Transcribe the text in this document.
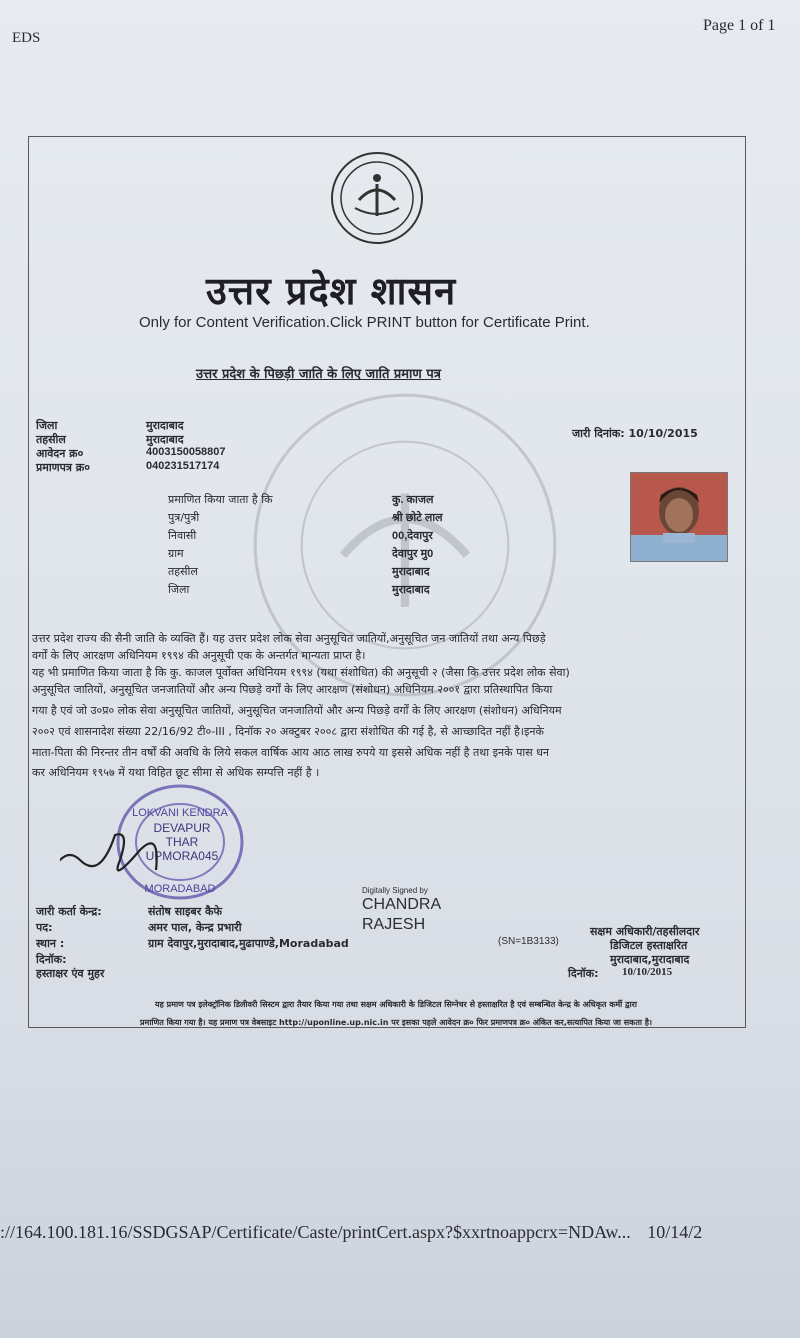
EDS
Page 1 of 1
उत्तर प्रदेश शासन
Only for Content Verification.Click PRINT button for Certificate Print.
उत्तर प्रदेश के पिछड़ी जाति के लिए जाति प्रमाण पत्र
जिला	मुरादाबाद
तहसील	मुरादाबाद
आवेदन क्र०	4003150058807
प्रमाणपत्र क्र०	040231517174
जारी दिनांक: 10/10/2015
प्रमाणित किया जाता है कि	कु. काजल
पुत्र/पुत्री	श्री छोटे लाल
निवासी	00,देवापुर
ग्राम	देवापुर मु0
तहसील	मुरादाबाद
जिला	मुरादाबाद
उत्तर प्रदेश राज्य की सैनी जाति के व्यक्ति हैं। यह उत्तर प्रदेश लोक सेवा अनुसूचित जातियों,अनुसूचित जन जातियों तथा अन्य पिछड़े
वर्गों के लिए आरक्षण अधिनियम १९९४ की अनुसूची एक के अन्तर्गत मान्यता प्राप्त है।
यह भी प्रमाणित किया जाता है कि कु. काजल पूर्वोक्त अधिनियम १९९४ (यथा संशोधित) की अनुसूची २ (जैसा कि उत्तर प्रदेश लोक सेवा)
अनुसूचित जातियों, अनुसूचित जनजातियों और अन्य पिछड़े वर्गों के लिए आरक्षण (संशोधन) अधिनियम २००१ द्वारा प्रतिस्थापित किया
गया है एवं जो उ०प्र० लोक सेवा अनुसूचित जातियों, अनुसूचित जनजातियों और अन्य पिछड़े वर्गों के लिए आरक्षण (संशोधन) अधिनियम
२००२ एवं शासनादेश संख्या 22/16/92 टी०-III , दिनॉक २० अक्टुबर २००८ द्वारा संशोधित की गई है, से आच्छादित नहीं है।इनके
माता-पिता की निरन्तर तीन वर्षों की अवधि के लिये सकल वार्षिक आय आठ लाख रुपये या इससे अधिक नहीं है तथा इनके पास धन
कर अधिनियम १९५७ में यथा विहित छूट सीमा से अधिक सम्पत्ति नहीं है ।
LOKVANI KENDRA
MORADABAD
DEVAPUR
THAR
UPMORA045
Digitally Signed by
CHANDRA
RAJESH
(SN=1B3133)
जारी कर्ता केन्द्र:	संतोष साइबर कैफे
पद:	अमर पाल, केन्द्र प्रभारी
स्थान :	ग्राम देवापुर,मुरादाबाद,मुढापाण्डे,Moradabad
दिनॉक:
हस्ताक्षर एंव मुहर
सक्षम अधिकारी/तहसीलदार
डिजिटल हस्ताक्षरित
मुरादाबाद,मुरादाबाद
दिनॉक: 10/10/2015
यह प्रमाण पत्र इलेक्ट्रॉनिक डिलीवरी सिस्टम द्वारा तैयार किया गया तथा सक्षम अधिकारी के डिजिटल सिग्नेचर से हस्ताक्षरित है एवं सम्बन्धित केन्द्र के अधिकृत कर्मी द्वारा
प्रमाणित किया गया है। यह प्रमाण पत्र वेबसाइट http://uponline.up.nic.in पर इसका पहले आवेदन क्र० फिर प्रमाणपत्र क्र० अंकित कर,सत्यापित किया जा सकता है।
://164.100.181.16/SSDGSAP/Certificate/Caste/printCert.aspx?$xxrtnoappcrx=NDAw... 10/14/2
